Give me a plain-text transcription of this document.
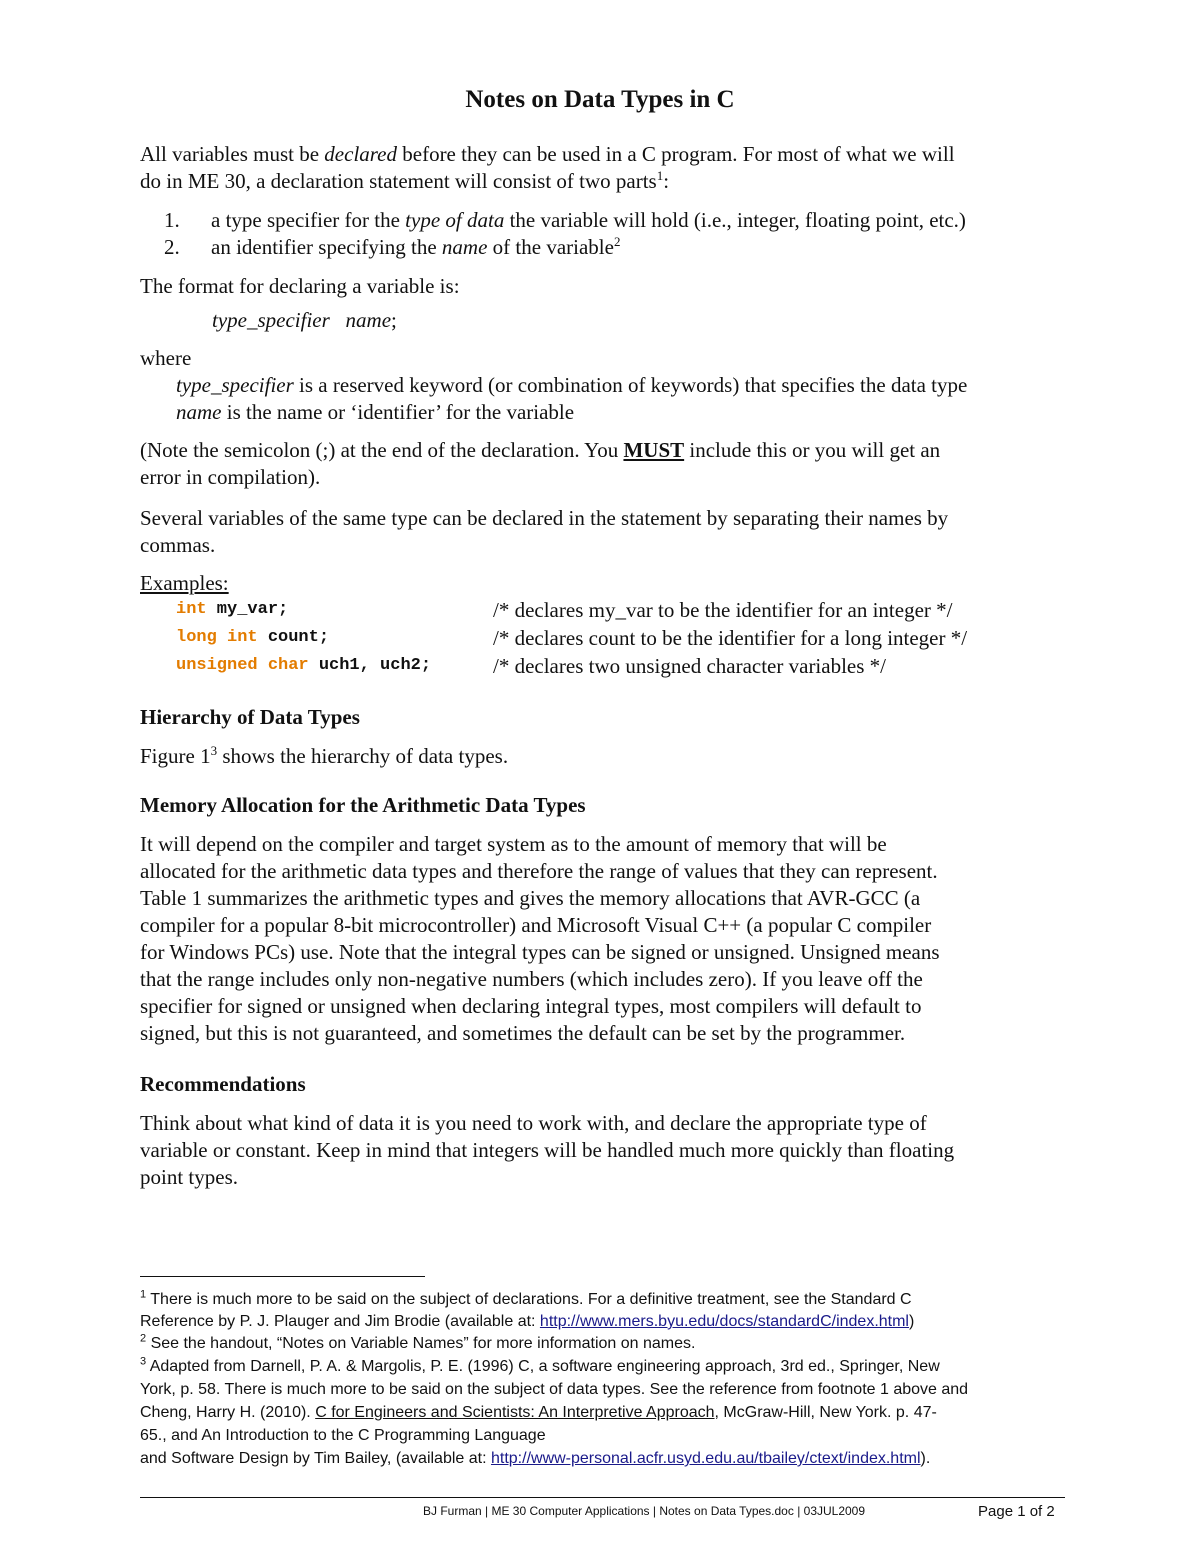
Notes on Data Types in C
All variables must be declared before they can be used in a C program. For most of what we will
do in ME 30, a declaration statement will consist of two parts$^1$:
1. a type specifier for the type of data the variable will hold (i.e., integer, floating point, etc.)
2. an identifier specifying the name of the variable$^2$
The format for declaring a variable is:
type_specifier name;
where
type_specifier is a reserved keyword (or combination of keywords) that specifies the data type
name is the name or ‘identifier’ for the variable
(Note the semicolon (;) at the end of the declaration. You MUST include this or you will get an
error in compilation).
Several variables of the same type can be declared in the statement by separating their names by
commas.
Examples:
int my_var;	/* declares my_var to be the identifier for an integer */
long int count;	/* declares count to be the identifier for a long integer */
unsigned char uch1, uch2;	/* declares two unsigned character variables */
Hierarchy of Data Types
Figure $1^3$ shows the hierarchy of data types.
Memory Allocation for the Arithmetic Data Types
It will depend on the compiler and target system as to the amount of memory that will be
allocated for the arithmetic data types and therefore the range of values that they can represent.
Table 1 summarizes the arithmetic types and gives the memory allocations that AVR-GCC (a
compiler for a popular 8-bit microcontroller) and Microsoft Visual C++ (a popular C compiler
for Windows PCs) use. Note that the integral types can be signed or unsigned. Unsigned means
that the range includes only non-negative numbers (which includes zero). If you leave off the
specifier for signed or unsigned when declaring integral types, most compilers will default to
signed, but this is not guaranteed, and sometimes the default can be set by the programmer.
Recommendations
Think about what kind of data it is you need to work with, and declare the appropriate type of
variable or constant. Keep in mind that integers will be handled much more quickly than floating
point types.
$^1$ There is much more to be said on the subject of declarations. For a definitive treatment, see the Standard C
Reference by P. J. Plauger and Jim Brodie (available at: http://www.mers.byu.edu/docs/standardC/index.html)
$^2$ See the handout, “Notes on Variable Names” for more information on names.
$^3$ Adapted from Darnell, P. A. & Margolis, P. E. (1996) C, a software engineering approach, 3rd ed., Springer, New
York, p. 58. There is much more to be said on the subject of data types. See the reference from footnote 1 above and
Cheng, Harry H. (2010). C for Engineers and Scientists: An Interpretive Approach, McGraw-Hill, New York. p. 47-
65., and An Introduction to the C Programming Language
and Software Design by Tim Bailey, (available at: http://www-personal.acfr.usyd.edu.au/tbailey/ctext/index.html).
BJ Furman | ME 30 Computer Applications | Notes on Data Types.doc | 03JUL2009	Page 1 of 2
